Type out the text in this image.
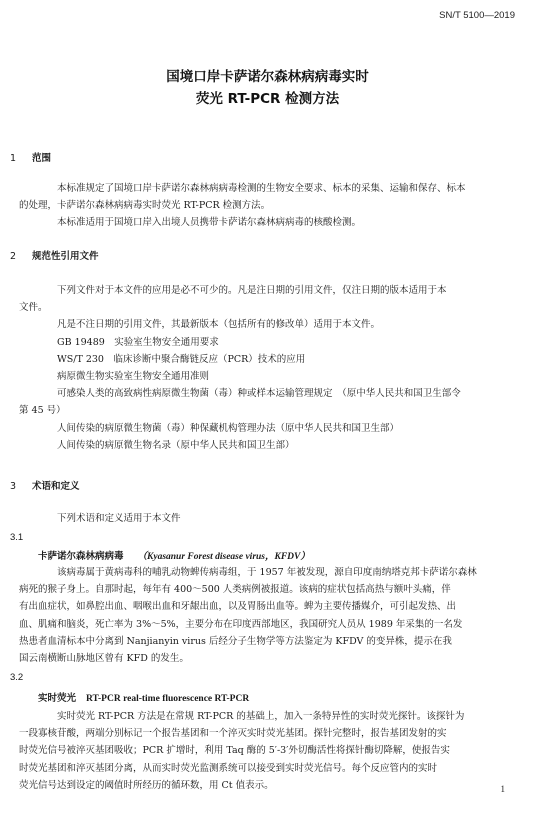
SN/T 5100—2019
国境口岸卡萨诺尔森林病病毒实时
荧光 RT-PCR 检测方法
1 范围
本标准规定了国境口岸卡萨诺尔森林病病毒检测的生物安全要求、标本的采集、运输和保存、标本
的处理，卡萨诺尔森林病病毒实时荧光 RT-PCR 检测方法。
本标准适用于国境口岸入出境人员携带卡萨诺尔森林病病毒的核酸检测。
2 规范性引用文件
下列文件对于本文件的应用是必不可少的。凡是注日期的引用文件，仅注日期的版本适用于本
文件。
凡是不注日期的引用文件，其最新版本（包括所有的修改单）适用于本文件。
GB 19489　实验室生物安全通用要求
WS/T 230　临床诊断中聚合酶链反应（PCR）技术的应用
病原微生物实验室生物安全通用准则
可感染人类的高致病性病原微生物菌（毒）种或样本运输管理规定　（原中华人民共和国卫生部令
第 45 号）
人间传染的病原微生物菌（毒）种保藏机构管理办法（原中华人民共和国卫生部）
人间传染的病原微生物名录（原中华人民共和国卫生部）
3 术语和定义
下列术语和定义适用于本文件
3.1
卡萨诺尔森林病病毒 （Kyasanur Forest disease virus，KFDV）
该病毒属于黄病毒科的哺乳动物蜱传病毒组，于 1957 年被发现，源自印度南纳塔克邦卡萨诺尔森林
病死的猴子身上。自那时起，每年有 400～500 人类病例被报道。该病的症状包括高热与额叶头痛，伴
有出血症状，如鼻腔出血、咽喉出血和牙龈出血，以及胃肠出血等。蜱为主要传播媒介，可引起发热、出
血、肌痛和脑炎，死亡率为 3%～5%，主要分布在印度西部地区，我国研究人员从 1989 年采集的一名发
热患者血清标本中分离到 Nanjianyin virus 后经分子生物学等方法鉴定为 KFDV 的变异株，提示在我
国云南横断山脉地区曾有 KFD 的发生。
3.2
实时荧光 RT-PCR real-time fluorescence RT-PCR
实时荧光 RT-PCR 方法是在常规 RT-PCR 的基础上，加入一条特异性的实时荧光探针。该探针为
一段寡核苷酸，两端分别标记一个报告基团和一个淬灭实时荧光基团。探针完整时，报告基团发射的实
时荧光信号被淬灭基团吸收；PCR 扩增时，利用 Taq 酶的 5′-3′外切酶活性将探针酶切降解，使报告实
时荧光基团和淬灭基团分离，从而实时荧光监测系统可以接受到实时荧光信号。每个反应管内的实时
荧光信号达到设定的阈值时所经历的循环数，用 Ct 值表示。	1
